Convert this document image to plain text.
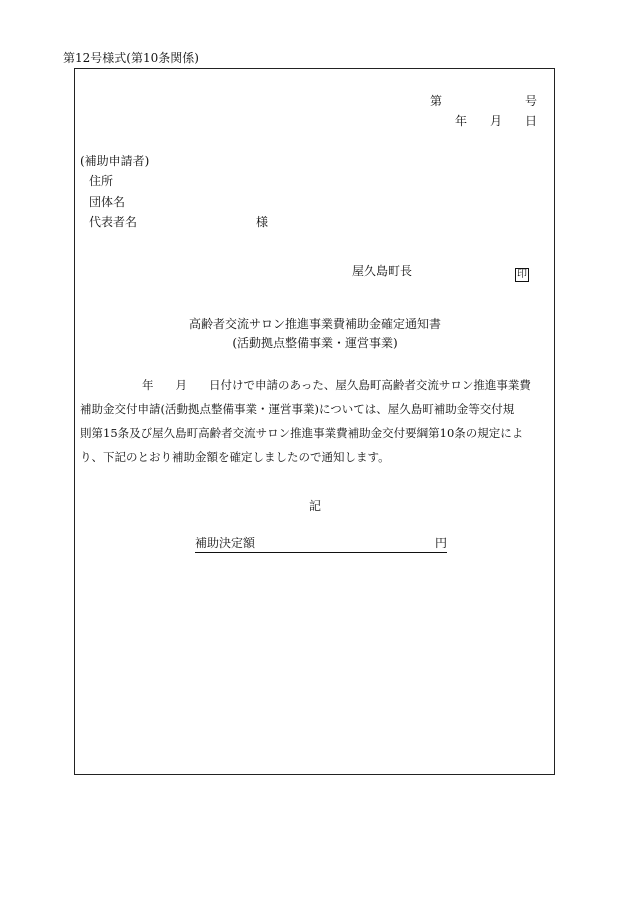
第12号様式(第10条関係)
第	号
年 月 日
(補助申請者)
住所
団体名
代表者名	様
屋久島町長	印
高齢者交流サロン推進事業費補助金確定通知書
(活動拠点整備事業・運営事業)
年 月 日付けで申請のあった、屋久島町高齢者交流サロン推進事業費
補助金交付申請(活動拠点整備事業・運営事業)については、屋久島町補助金等交付規
則第15条及び屋久島町高齢者交流サロン推進事業費補助金交付要綱第10条の規定によ
り、下記のとおり補助金額を確定しましたので通知します。
記
補助決定額	円
